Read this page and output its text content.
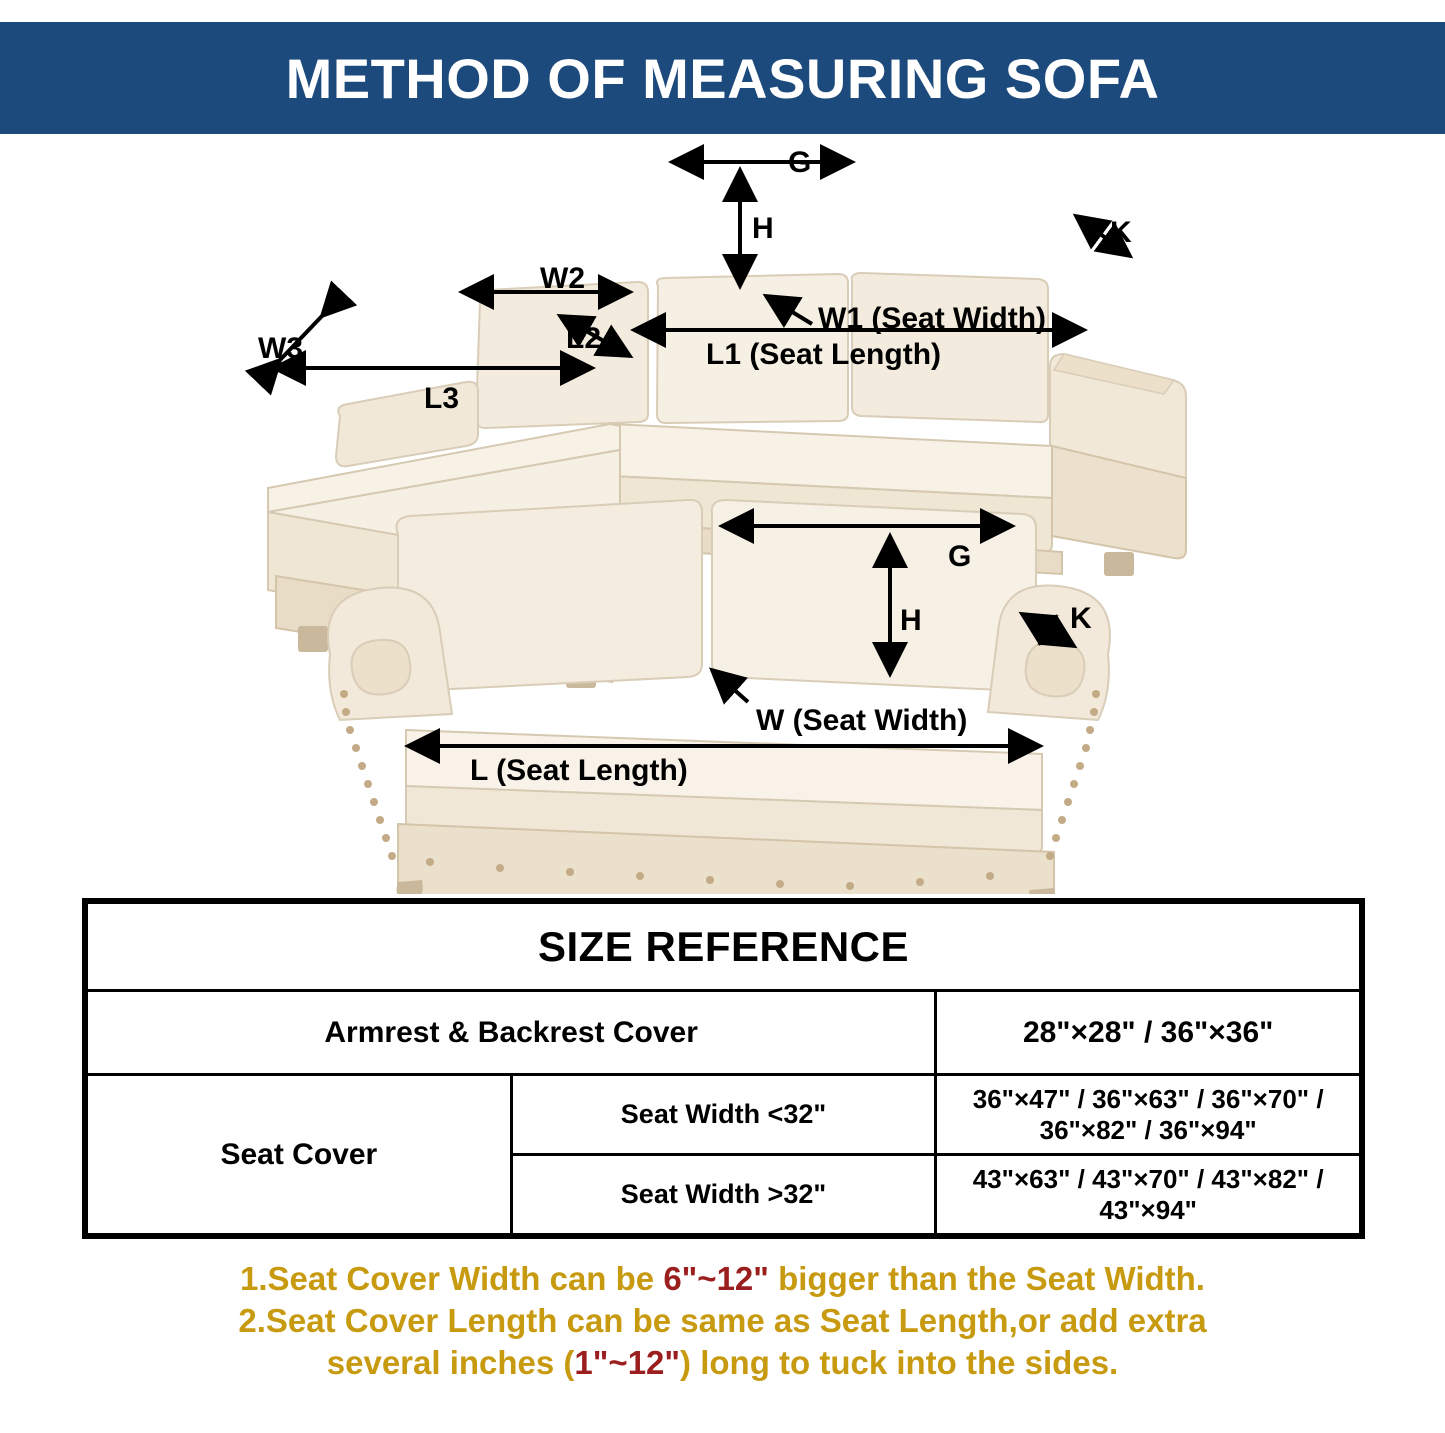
METHOD OF MEASURING SOFA
G
H	K
W2
W1 (Seat Width)
L1 (Seat Length)
L2
W3
L3
G
H	K
W (Seat Width)
L (Seat Length)
SIZE REFERENCE		
Armrest & Backrest Cover		28"×28" / 36"×36"
Seat Cover	Seat Width <32"	36"×47" / 36"×63" / 36"×70" / 36"×82" / 36"×94"
	Seat Width >32"	43"×63" / 43"×70" / 43"×82" / 43"×94"
1.Seat Cover Width can be 6"~12" bigger than the Seat Width.
2.Seat Cover Length can be same as Seat Length,or add extra
several inches (1"~12") long to tuck into the sides.
